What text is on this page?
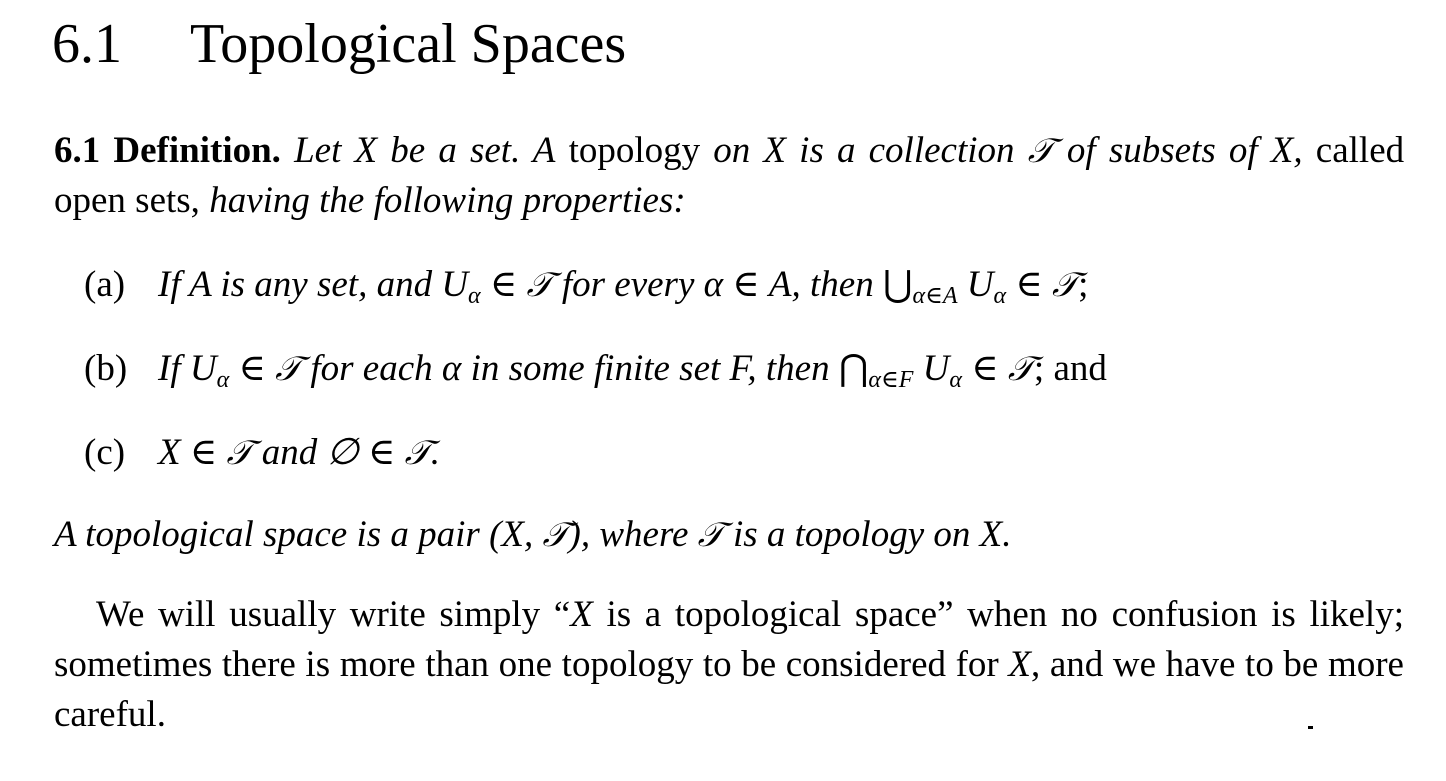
6.1 Topological Spaces
6.1 Definition. Let X be a set. A topology on X is a collection 𝒯 of subsets of X, called open sets, having the following properties:
(a) If A is any set, and $U_\alpha$ ∈ 𝒯 for every α ∈ A, then $⋃_{\alpha\in A}$ $U_\alpha$ ∈ 𝒯;
(b) If $U_\alpha$ ∈ 𝒯 for each α in some finite set F, then $⋂_{\alpha\in F}$ $U_\alpha$ ∈ 𝒯; and
(c) X ∈ 𝒯 and ∅ ∈ 𝒯.
A topological space is a pair (X, 𝒯), where 𝒯 is a topology on X.
We will usually write simply “X is a topological space” when no confusion is likely; sometimes there is more than one topology to be considered for X, and we have to be more careful.
